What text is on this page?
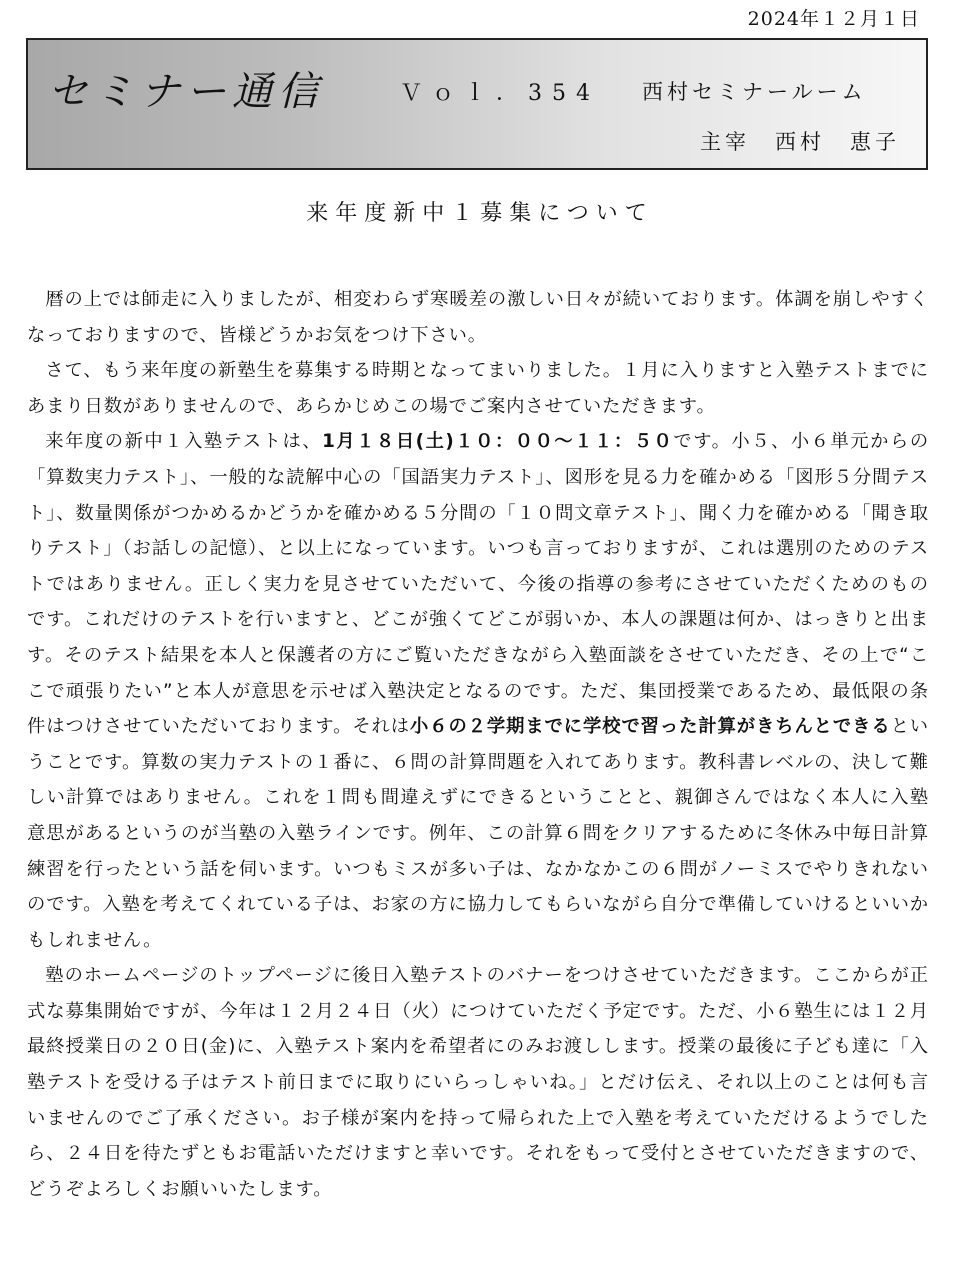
2024年１２月１日
セミナー通信	Ｖｏｌ．354 西村セミナールーム
主宰　西村　恵子
来年度新中１募集について

暦の上では師走に入りましたが、相変わらず寒暖差の激しい日々が続いております。体調を崩しやすくなっておりますので、皆様どうかお気をつけ下さい。

さて、もう来年度の新塾生を募集する時期となってまいりました。１月に入りますと入塾テストまでにあまり日数がありませんので、あらかじめこの場でご案内させていただきます。

来年度の新中１入塾テストは、1月１８日(土)１０：００～１１：５０です。小５、小６単元からの「算数実力テスト」、一般的な読解中心の「国語実力テスト」、図形を見る力を確かめる「図形５分間テスト」、数量関係がつかめるかどうかを確かめる５分間の「１０問文章テスト」、聞く力を確かめる「聞き取りテスト」（お話しの記憶）、と以上になっています。いつも言っておりますが、これは選別のためのテストではありません。正しく実力を見させていただいて、今後の指導の参考にさせていただくためのものです。これだけのテストを行いますと、どこが強くてどこが弱いか、本人の課題は何か、はっきりと出ます。そのテスト結果を本人と保護者の方にご覧いただきながら入塾面談をさせていただき、その上で“ここで頑張りたい”と本人が意思を示せば入塾決定となるのです。ただ、集団授業であるため、最低限の条件はつけさせていただいております。それは小６の２学期までに学校で習った計算がきちんとできるということです。算数の実力テストの１番に、６問の計算問題を入れてあります。教科書レベルの、決して難しい計算ではありません。これを１問も間違えずにできるということと、親御さんではなく本人に入塾意思があるというのが当塾の入塾ラインです。例年、この計算６問をクリアするために冬休み中毎日計算練習を行ったという話を伺います。いつもミスが多い子は、なかなかこの６問がノーミスでやりきれないのです。入塾を考えてくれている子は、お家の方に協力してもらいながら自分で準備していけるといいかもしれません。

塾のホームページのトップページに後日入塾テストのバナーをつけさせていただきます。ここからが正式な募集開始ですが、今年は１２月２４日（火）につけていただく予定です。ただ、小６塾生には１２月最終授業日の２０日(金)に、入塾テスト案内を希望者にのみお渡しします。授業の最後に子ども達に「入塾テストを受ける子はテスト前日までに取りにいらっしゃいね。」とだけ伝え、それ以上のことは何も言いませんのでご了承ください。お子様が案内を持って帰られた上で入塾を考えていただけるようでしたら、２４日を待たずともお電話いただけますと幸いです。それをもって受付とさせていただきますので、どうぞよろしくお願いいたします。
